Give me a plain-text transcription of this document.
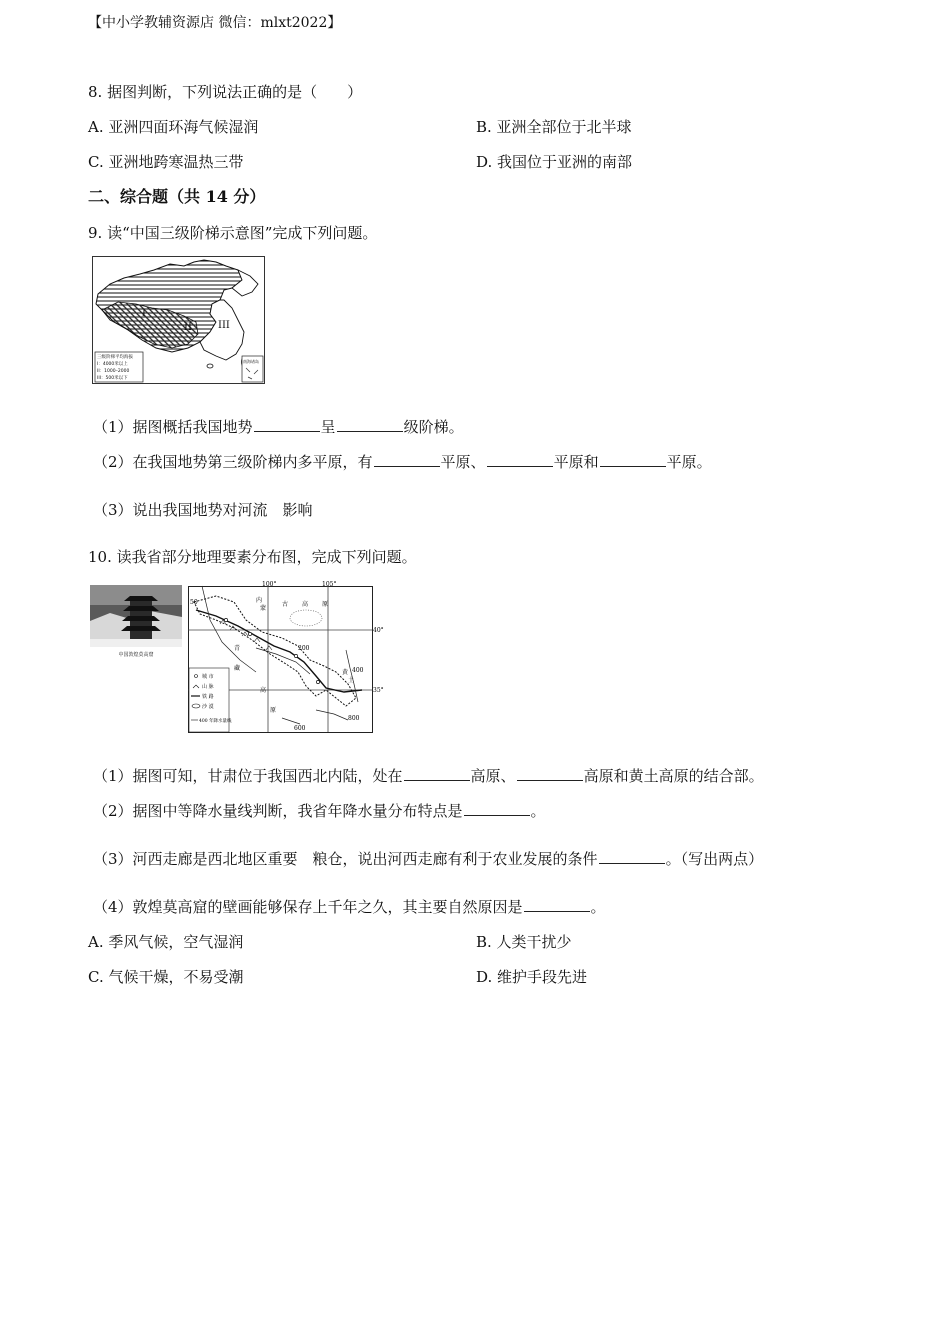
【中小学教辅资源店 微信：mlxt2022】
8. 据图判断，下列说法正确的是（　　）
A. 亚洲四面环海气候湿润	B. 亚洲全部位于北半球
C. 亚洲地跨寒温热三带	D. 我国位于亚洲的南部
二、综合题（共 14 分）
9. 读“中国三级阶梯示意图”完成下列问题。
II	III
I
三级阶梯平均海拔
I：4000米以上
II：1000–2000
III：500米以下
南海诸岛
（1）据图概括我国地势	呈	级阶梯。
（2）在我国地势第三级阶梯内多平原，有	平原、	平原和	平原。
（3）说出我国地势对河流　影响
10. 读我省部分地理要素分布图，完成下列问题。
中国敦煌莫高窟
100°	105°
40°
35°
内
蒙
古 高 原
青
藏
高
原
黄
土
50
200
400
800
600
城 市
山 脉
铁 路
沙 漠
400 年降水量线
（1）据图可知，甘肃位于我国西北内陆，处在	高原、	高原和黄土高原的结合部。
（2）据图中等降水量线判断，我省年降水量分布特点是	。
（3）河西走廊是西北地区重要　粮仓，说出河西走廊有利于农业发展的条件	。（写出两点）
（4）敦煌莫高窟的壁画能够保存上千年之久，其主要自然原因是	。
A. 季风气候，空气湿润	B. 人类干扰少
C. 气候干燥，不易受潮	D. 维护手段先进
